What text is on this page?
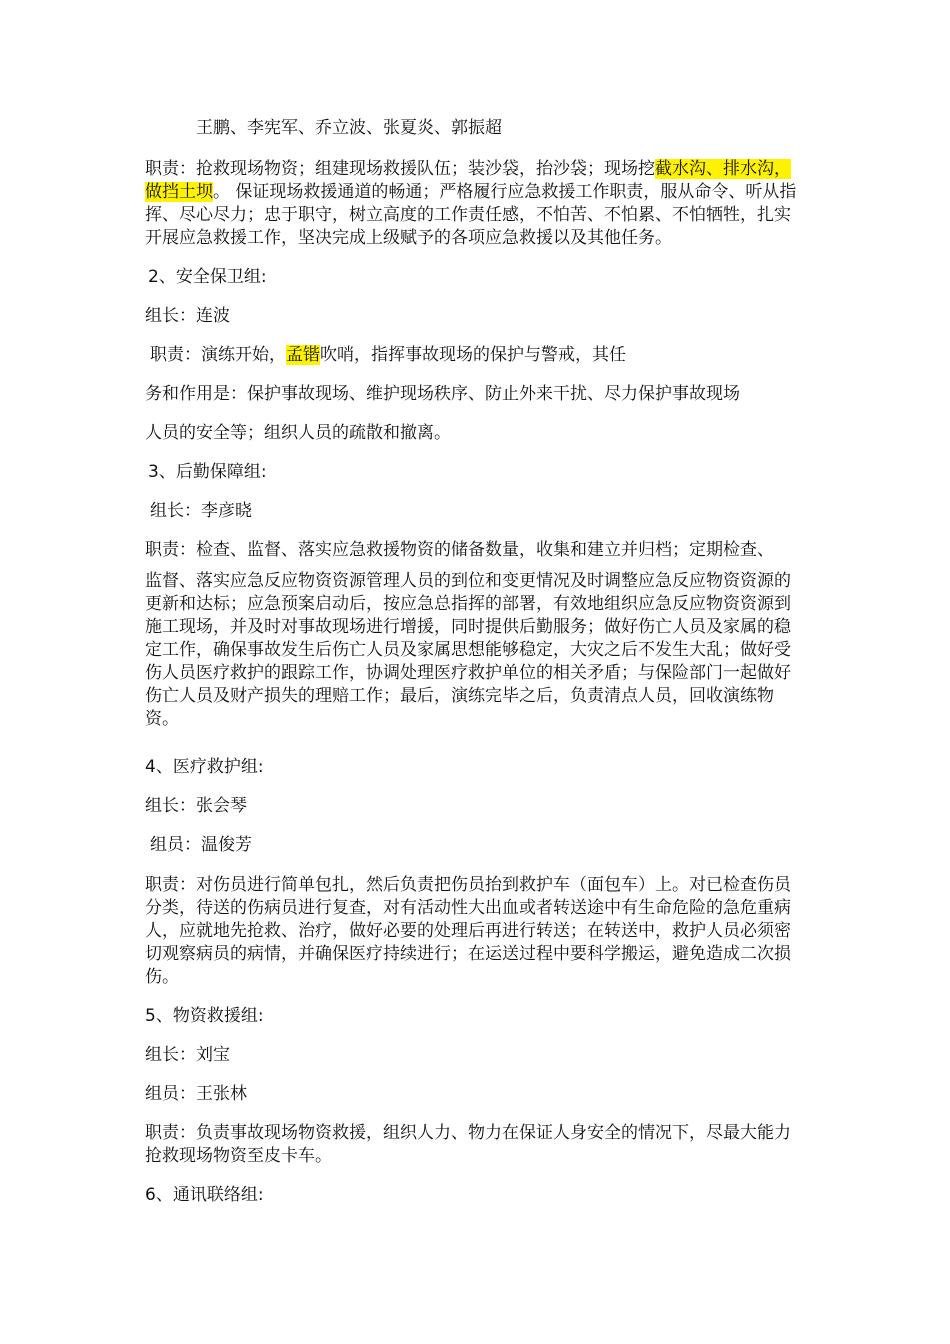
王鹏、李宪军、乔立波、张夏炎、郭振超

职责：抢救现场物资；组建现场救援队伍；装沙袋，抬沙袋；现场挖截水沟、排水沟，做挡土坝。 保证现场救援通道的畅通；严格履行应急救援工作职责，服从命令、听从指挥、尽心尽力；忠于职守，树立高度的工作责任感，不怕苦、不怕累、不怕牺牲，扎实开展应急救援工作，坚决完成上级赋予的各项应急救援以及其他任务。

2、安全保卫组:

组长：连波

职责：演练开始，孟锴吹哨，指挥事故现场的保护与警戒，其任

务和作用是：保护事故现场、维护现场秩序、防止外来干扰、尽力保护事故现场

人员的安全等；组织人员的疏散和撤离。

3、后勤保障组:

组长：李彦晓

职责：检查、监督、落实应急救援物资的储备数量，收集和建立并归档；定期检查、

监督、落实应急反应物资资源管理人员的到位和变更情况及时调整应急反应物资资源的更新和达标；应急预案启动后，按应急总指挥的部署，有效地组织应急反应物资资源到施工现场，并及时对事故现场进行增援，同时提供后勤服务；做好伤亡人员及家属的稳定工作，确保事故发生后伤亡人员及家属思想能够稳定，大灾之后不发生大乱；做好受伤人员医疗救护的跟踪工作，协调处理医疗救护单位的相关矛盾；与保险部门一起做好伤亡人员及财产损失的理赔工作；最后，演练完毕之后，负责清点人员，回收演练物资。

4、医疗救护组:

组长：张会琴

组员：温俊芳

职责：对伤员进行简单包扎，然后负责把伤员抬到救护车（面包车）上。对已检查伤员分类，待送的伤病员进行复查，对有活动性大出血或者转送途中有生命危险的急危重病人，应就地先抢救、治疗，做好必要的处理后再进行转送；在转送中，救护人员必须密切观察病员的病情，并确保医疗持续进行；在运送过程中要科学搬运，避免造成二次损伤。

5、物资救援组:

组长：刘宝

组员：王张林

职责：负责事故现场物资救援，组织人力、物力在保证人身安全的情况下，尽最大能力抢救现场物资至皮卡车。

6、通讯联络组:
